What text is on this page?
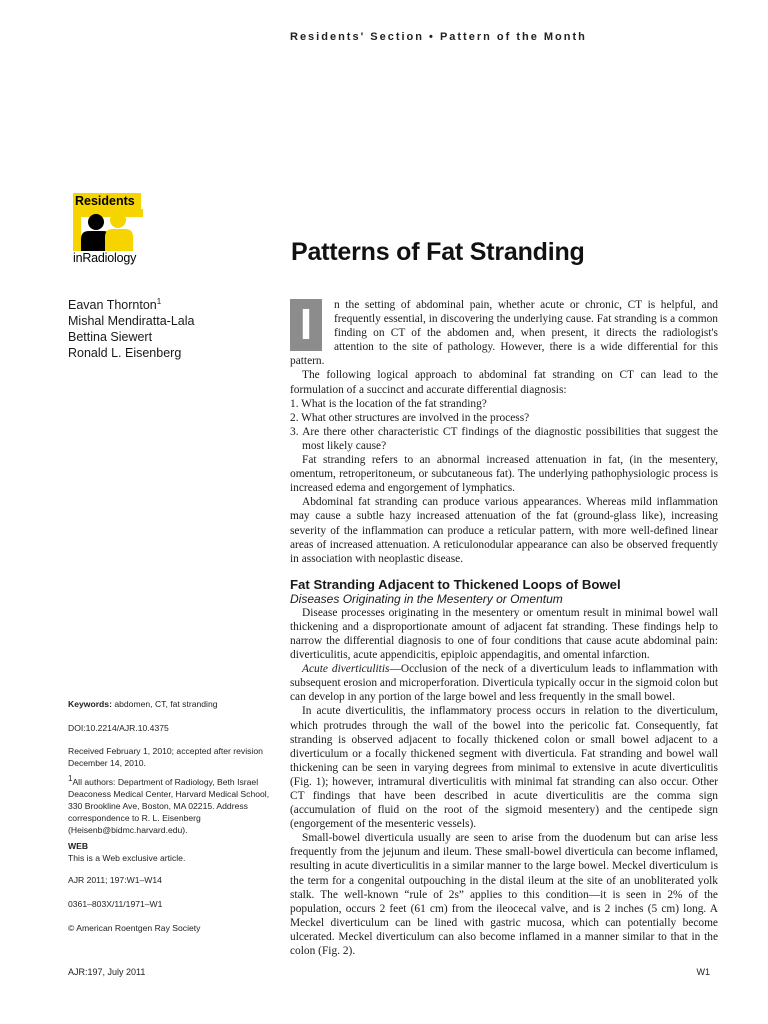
Residents' Section • Pattern of the Month
Residents
inRadiology	Patterns of Fat Stranding
Eavan Thornton$^1$
Mishal Mendiratta-Lala
Bettina Siewert
Ronald L. Eisenberg
Keywords: abdomen, CT, fat stranding
DOI:10.2214/AJR.10.4375
Received February 1, 2010; accepted after revision December 14, 2010.
1All authors: Department of Radiology, Beth Israel Deaconess Medical Center, Harvard Medical School, 330 Brookline Ave, Boston, MA 02215. Address correspondence to R. L. Eisenberg (Heisenb@bidmc.harvard.edu).
WEB
This is a Web exclusive article.
AJR 2011; 197:W1–W14
0361–803X/11/1971–W1
© American Roentgen Ray Society

I	n the setting of abdominal pain, whether acute or chronic, CT is helpful, and frequently essential, in discovering the underlying cause. Fat stranding is a common finding on CT of the abdomen and, when present, it directs the radiologist's attention to the site of pathology. However, there is a wide differential for this pattern.

The following logical approach to abdominal fat stranding on CT can lead to the formulation of a succinct and accurate differential diagnosis:

1. What is the location of the fat stranding?
2. What other structures are involved in the process?
3. Are there other characteristic CT findings of the diagnostic possibilities that suggest the most likely cause?

Fat stranding refers to an abnormal increased attenuation in fat, (in the mesentery, omentum, retroperitoneum, or subcutaneous fat). The underlying pathophysiologic process is increased edema and engorgement of lymphatics.

Abdominal fat stranding can produce various appearances. Whereas mild inflammation may cause a subtle hazy increased attenuation of the fat (ground-glass like), increasing severity of the inflammation can produce a reticular pattern, with more well-defined linear areas of increased attenuation. A reticulonodular appearance can also be observed frequently in association with neoplastic disease.

Fat Stranding Adjacent to Thickened Loops of Bowel
Diseases Originating in the Mesentery or Omentum

Disease processes originating in the mesentery or omentum result in minimal bowel wall thickening and a disproportionate amount of adjacent fat stranding. These findings help to narrow the differential diagnosis to one of four conditions that cause acute abdominal pain: diverticulitis, acute appendicitis, epiploic appendagitis, and omental infarction.

Acute diverticulitis—Occlusion of the neck of a diverticulum leads to inflammation with subsequent erosion and microperforation. Diverticula typically occur in the sigmoid colon but can develop in any portion of the large bowel and less frequently in the small bowel.

In acute diverticulitis, the inflammatory process occurs in relation to the diverticulum, which protrudes through the wall of the bowel into the pericolic fat. Consequently, fat stranding is observed adjacent to focally thickened colon or small bowel adjacent to a diverticulum or a focally thickened segment with diverticula. Fat stranding and bowel wall thickening can be seen in varying degrees from minimal to extensive in acute diverticulitis (Fig. 1); however, intramural diverticulitis with minimal fat stranding can also occur. Other CT findings that have been described in acute diverticulitis are the comma sign (accumulation of fluid on the root of the sigmoid mesentery) and the centipede sign (engorgement of the mesenteric vessels).

Small-bowel diverticula usually are seen to arise from the duodenum but can arise less frequently from the jejunum and ileum. These small-bowel diverticula can become inflamed, resulting in acute diverticulitis in a similar manner to the large bowel. Meckel diverticulum is the term for a congenital outpouching in the distal ileum at the site of an unobliterated yolk stalk. The well-known “rule of 2s” applies to this condition—it is seen in 2% of the population, occurs 2 feet (61 cm) from the ileocecal valve, and is 2 inches (5 cm) long. A Meckel diverticulum can be lined with gastric mucosa, which can potentially become ulcerated. Meckel diverticulum can also become inflamed in a manner similar to that in the colon (Fig. 2).

AJR:197, July 2011	W1
